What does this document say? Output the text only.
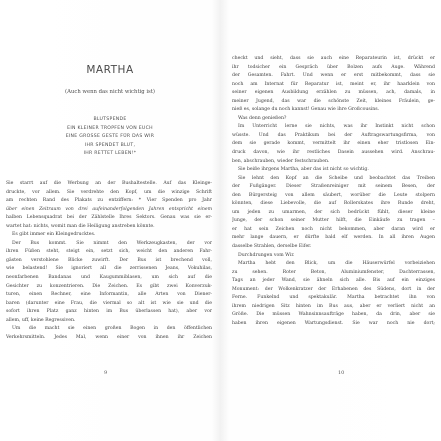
MARTHA
(Auch wenn das nicht wichtig ist)
BLUTSPENDE
EIN KLEINER TROPFEN VON EUCH
EINE GROSSE GESTE FÜR DAS WIR
IHR SPENDET BLUT,
IHR RETTET LEBEN!*
Sie starrt auf die Werbung an der Bushaltestelle. Auf das Kleinge-
druckte, vor allem. Sie verdrehte den Kopf, um die winzige Schrift
am rechten Rand des Plakats zu entziffern: * Vier Spenden pro Jahr
über einen Zeitraum von drei aufeinanderfolgenden Jahren entspricht einem
halben Lebensquadrat bei der Zählstelle Ihres Sektors. Genau was sie er-
wartet hat: nichts, womit man die Heiligung anstreben könnte.
Es gibt immer ein Kleingedrucktes.
Der Bus kommt. Sie nimmt den Werkzeugkasten, der vor
ihren Füßen steht, steigt ein, setzt sich, weicht den anderen Fahr-
gästen verstohlene Blicke zuwirft. Der Bus ist brechend voll,
wie belastend! Sie ignoriert all die zerrissenen Jeans, Vokuhilas,
neonfarbenen Bandanas und Kaugummiblasen, um sich auf die
Gesichter zu konzentrieren. Die Zeichen. Es gibt zwei Konverzuk-
turen, einen Rechner, eine Informantin, alle Arten von Diener-
baren (darunter eine Frau, die viermal so alt ist wie sie und die
sofort ihren Platz ganz hinten im Bus überlassen hat), aber vor
allem, uff, keine Regressiven.
Um die macht sie einen großen Bogen in den öffentlichen
Verkehrsmitteln. Jedes Mal, wenn einer von ihnen ihr Zeichen
checkt und sieht, dass sie auch eine Reparateurin ist, drückt er
ihr todsicher ein Gespräch über Bolzen aufs Auge. Während
der Gesamten. Fahrt. Und wenn er erst mitbekommt, dass sie
noch am Internat für Reparatur ist, meint er, ihr haarklein von
seiner eigenen Ausbildung erzählen zu müssen, ach, damals, in
meiner Jugend, das war die schönste Zeit, kleines Fräulein, ge-
nieß es, solange du noch kannst! Genau wie ihre Großcousins.
Was denn genießen?
Im Unterricht lerne sie nichts, was ihr Instinkt nicht schon
wüsste. Und das Praktikum bei der Auftragswartungsfirma, von
dem sie gerade kommt, vermittelt ihr einen eher tristlosen Ein-
druck davon, wie ihr restliches Dasein aussehen wird. Anschrau-
ben, abschrauben, wieder festschrauben.
Sie beiße ihrgens Martha, aber das ist nicht so wichtig.
Sie lehnt den Kopf an die Scheibe und beobachtet das Treiben
der Fußgänger. Dieser Straßenreiniger mit seinem Besen, der
den Bürgersteig von allem säubert, worüber die Leute stolpern
könnten, diese Liebevolle, die auf Rollerskates ihre Runde dreht,
um jeden zu umarmen, der sich bedrückt fühlt, dieser kleine
Junge, der schon seiner Mutter hilft, die Einkäufe zu tragen –
er hat sein Zeichen noch nicht bekommen, aber daran wird er
mehr lange dauern, er dürfte bald elf werden. In all ihren Augen
dasselbe Strahlen, derselbe Eifer.
Durchdrungen vom Wir.
Martha hebt den Blick, um die Häuserwürfel vorbeiziehen
zu sehen. Roter Beton, Aluminiumfenster, Dachterrassen,
Tags an jeder Wand, sie ähneln sich alle. Bis auf ein einziges
Monument: der Wolkenkratzer der Erhabenen des Südens, dort in der
Ferne. Funkelnd und spektakulär. Martha betrachtet ihn von
ihrem niedrigen Sitz hinten im Bus aus, aber er verliert nicht an
Größe. Die müssen Wahnsinnsaufträge haben, da drin, aber sie
haben ihren eigenen Wartungsdienst. Sie war noch nie dort;
9	10
